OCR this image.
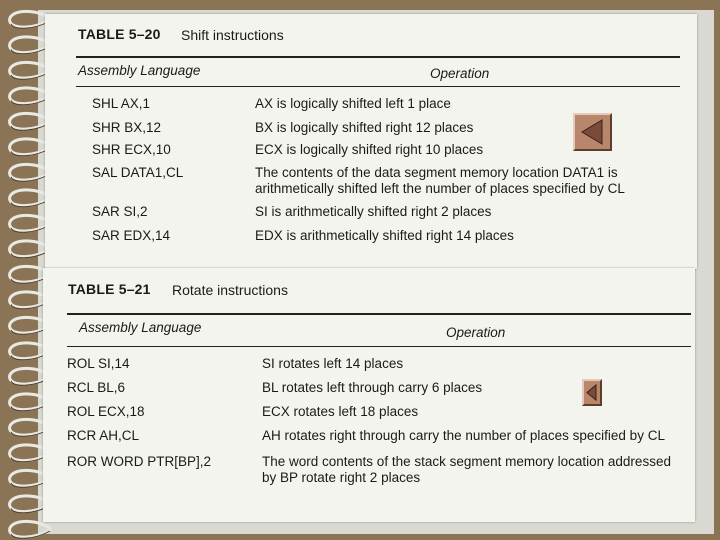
TABLE 5–20 Shift instructions
Assembly Language	Operation
SHL AX,1	AX is logically shifted left 1 place
SHR BX,12	BX is logically shifted right 12 places
SHR ECX,10	ECX is logically shifted right 10 places
SAL DATA1,CL	The contents of the data segment memory location DATA1 is
arithmetically shifted left the number of places specified by CL
SAR SI,2	SI is arithmetically shifted right 2 places
SAR EDX,14	EDX is arithmetically shifted right 14 places
TABLE 5–21 Rotate instructions
Assembly Language	Operation
ROL SI,14	SI rotates left 14 places
RCL BL,6	BL rotates left through carry 6 places
ROL ECX,18	ECX rotates left 18 places
RCR AH,CL	AH rotates right through carry the number of places specified by CL
ROR WORD PTR[BP],2	The word contents of the stack segment memory location addressed
by BP rotate right 2 places
